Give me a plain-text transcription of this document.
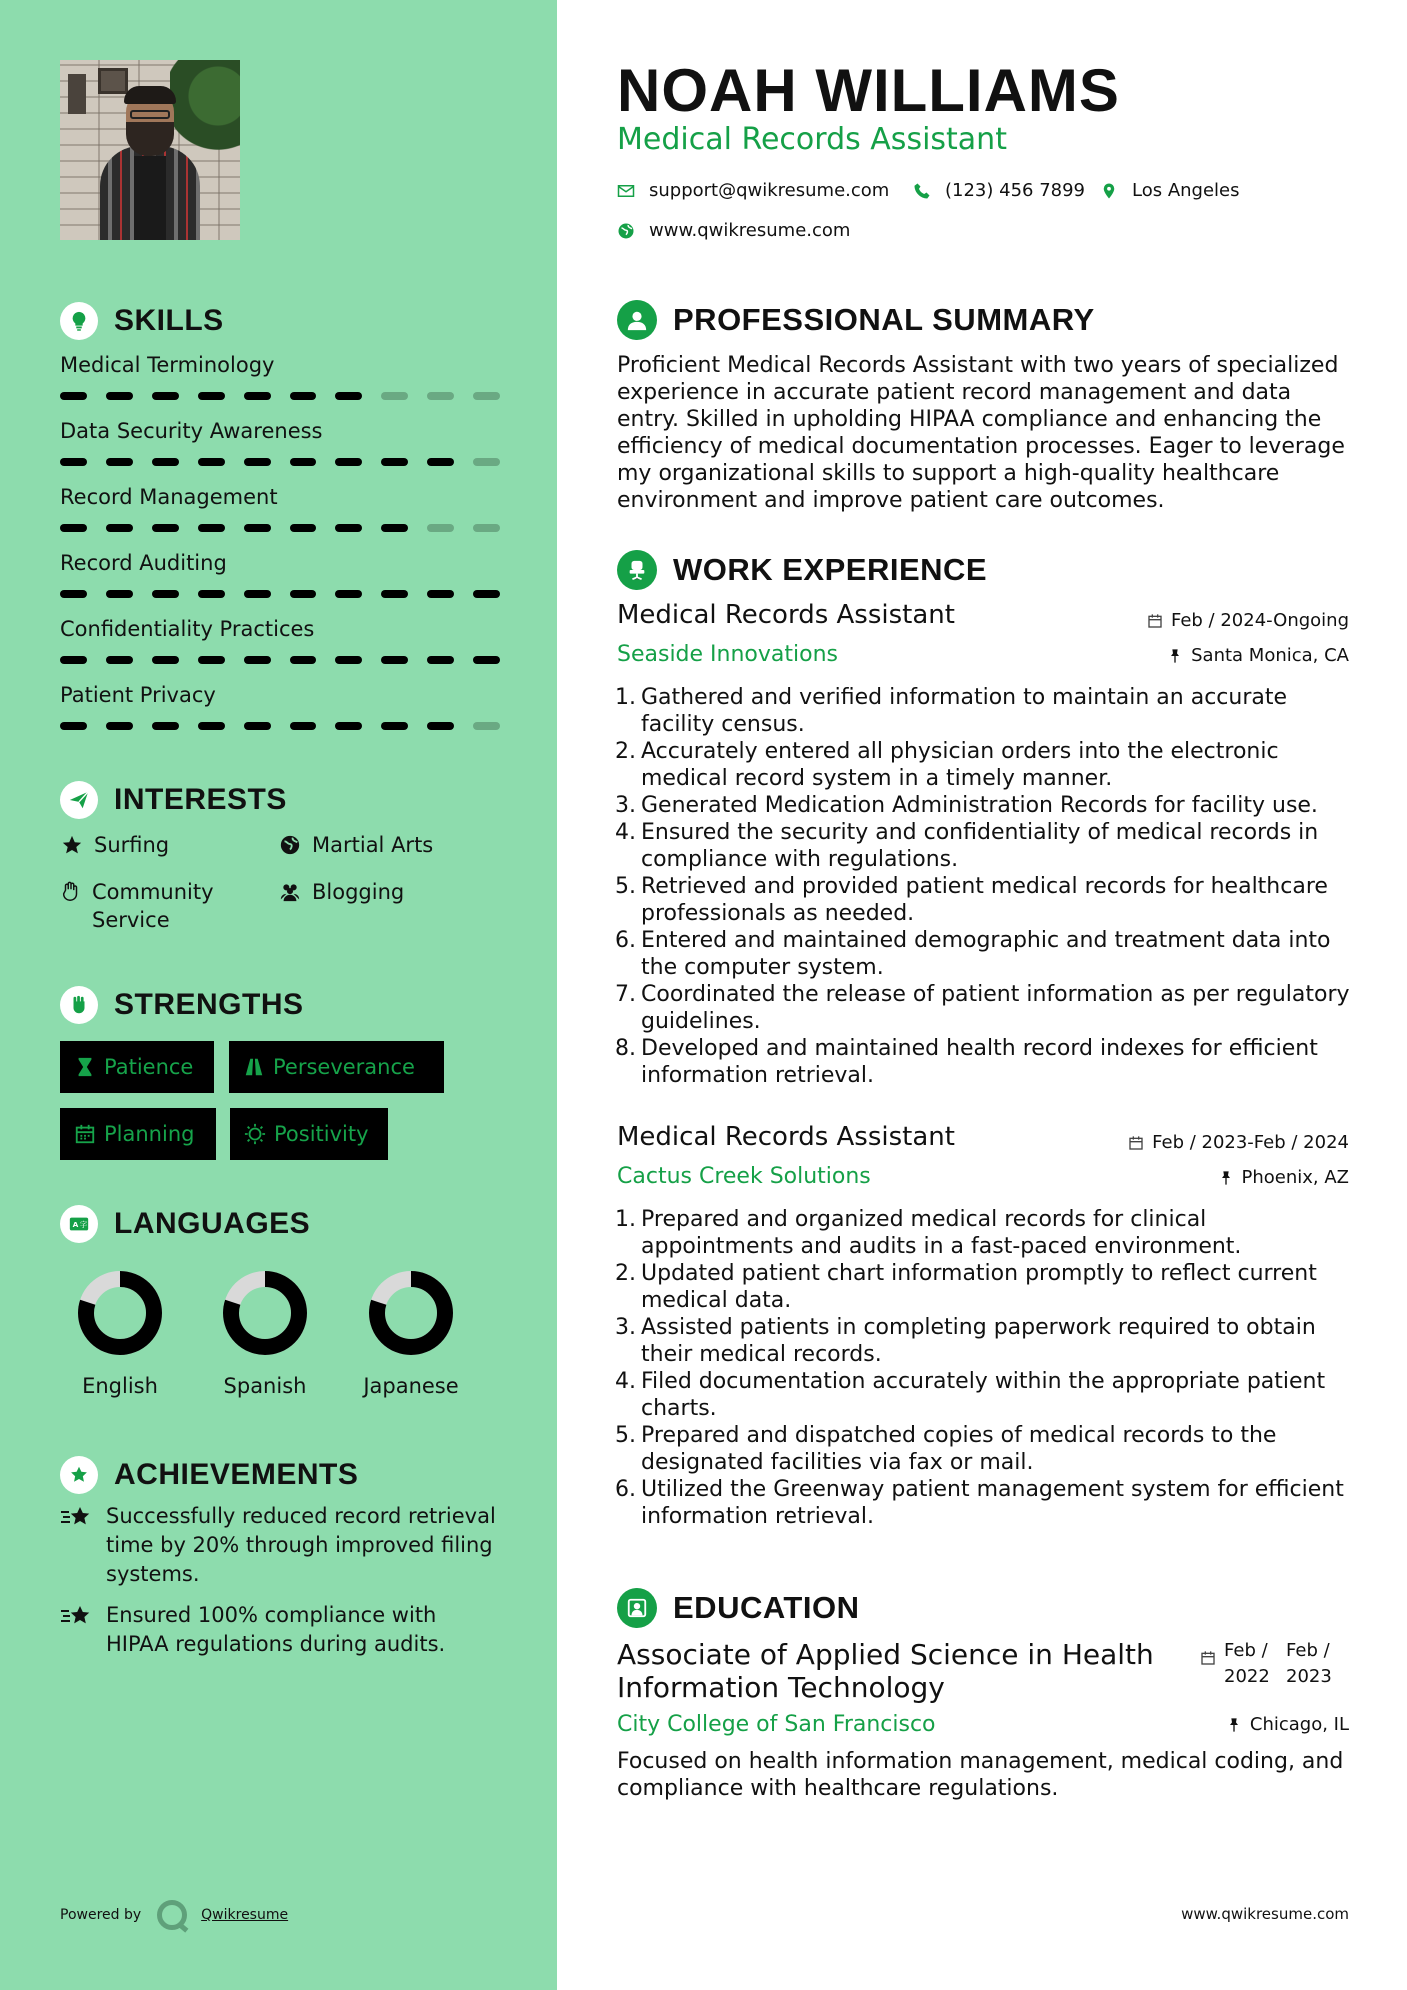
SKILLS
Medical Terminology
Data Security Awareness
Record Management
Record Auditing
Confidentiality Practices
Patient Privacy
INTERESTS
Surfing	Martial Arts
Community Service
Blogging
STRENGTHS
Patience	Perseverance
Planning	Positivity
A 字 LANGUAGES
English	Spanish	Japanese
ACHIEVEMENTS
Successfully reduced record retrieval time by 20% through improved filing systems.
Ensured 100% compliance with HIPAA regulations during audits.
Powered by	Qwikresume
NOAH WILLIAMS
Medical Records Assistant
support@qwikresume.com	(123) 456 7899	Los Angeles
www.qwikresume.com
PROFESSIONAL SUMMARY
Proficient Medical Records Assistant with two years of specialized experience in accurate patient record management and data entry. Skilled in upholding HIPAA compliance and enhancing the efficiency of medical documentation processes. Eager to leverage my organizational skills to support a high-quality healthcare environment and improve patient care outcomes.
WORK EXPERIENCE
Medical Records Assistant	Feb / 2024-Ongoing
Seaside Innovations	Santa Monica, CA
1. Gathered and verified information to maintain an accurate facility census.
2. Accurately entered all physician orders into the electronic medical record system in a timely manner.
3. Generated Medication Administration Records for facility use.
4. Ensured the security and confidentiality of medical records in compliance with regulations.
5. Retrieved and provided patient medical records for healthcare professionals as needed.
6. Entered and maintained demographic and treatment data into the computer system.
7. Coordinated the release of patient information as per regulatory guidelines.
8. Developed and maintained health record indexes for efficient information retrieval.
Medical Records Assistant	Feb / 2023-Feb / 2024
Cactus Creek Solutions	Phoenix, AZ
1. Prepared and organized medical records for clinical appointments and audits in a fast-paced environment.
2. Updated patient chart information promptly to reflect current medical data.
3. Assisted patients in completing paperwork required to obtain their medical records.
4. Filed documentation accurately within the appropriate patient charts.
5. Prepared and dispatched copies of medical records to the designated facilities via fax or mail.
6. Utilized the Greenway patient management system for efficient information retrieval.
EDUCATION
Associate of Applied Science in Health Information Technology
Feb / 2022
Feb / 2023
City College of San Francisco	Chicago, IL
Focused on health information management, medical coding, and compliance with healthcare regulations.
www.qwikresume.com
